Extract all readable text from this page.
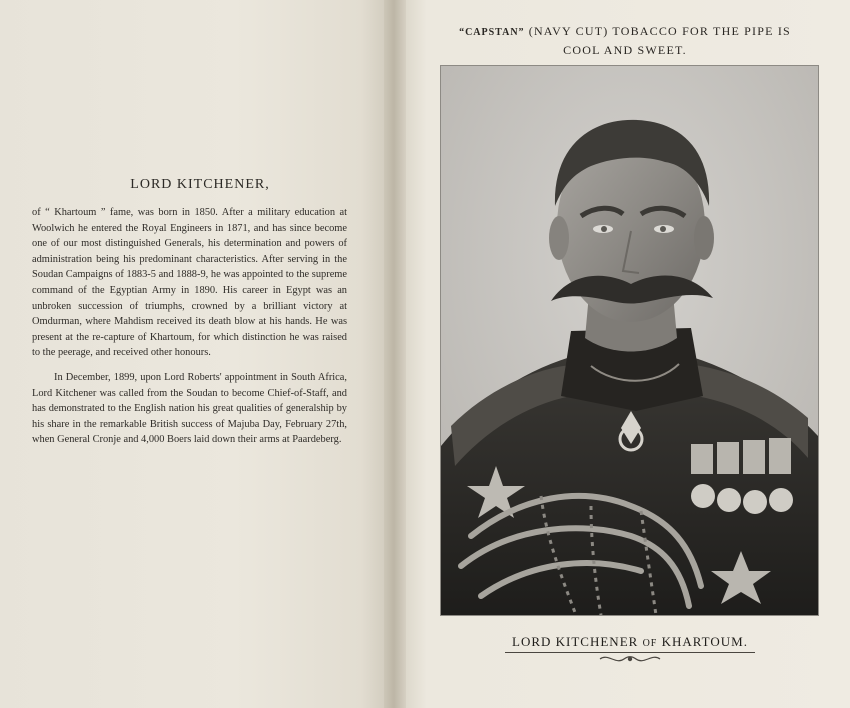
LORD KITCHENER,

of “ Khartoum ” fame, was born in 1850. After a military education at Woolwich he entered the Royal Engineers in 1871, and has since become one of our most distinguished Generals, his determination and powers of administration being his predominant characteristics. After serving in the Soudan Campaigns of 1883-5 and 1888-9, he was appointed to the supreme command of the Egyptian Army in 1890. His career in Egypt was an unbroken succession of triumphs, crowned by a brilliant victory at Omdurman, where Mahdism received its death blow at his hands. He was present at the re-capture of Khartoum, for which distinction he was raised to the peerage, and received other honours.

In December, 1899, upon Lord Roberts' appointment in South Africa, Lord Kitchener was called from the Soudan to become Chief-of-Staff, and has demonstrated to the English nation his great qualities of generalship by his share in the remarkable British success of Majuba Day, February 27th, when General Cronje and 4,000 Boers laid down their arms at Paardeberg.

“CAPSTAN” (NAVY CUT) TOBACCO FOR THE PIPE IS
COOL AND SWEET.
LORD KITCHENER OF KHARTOUM.
